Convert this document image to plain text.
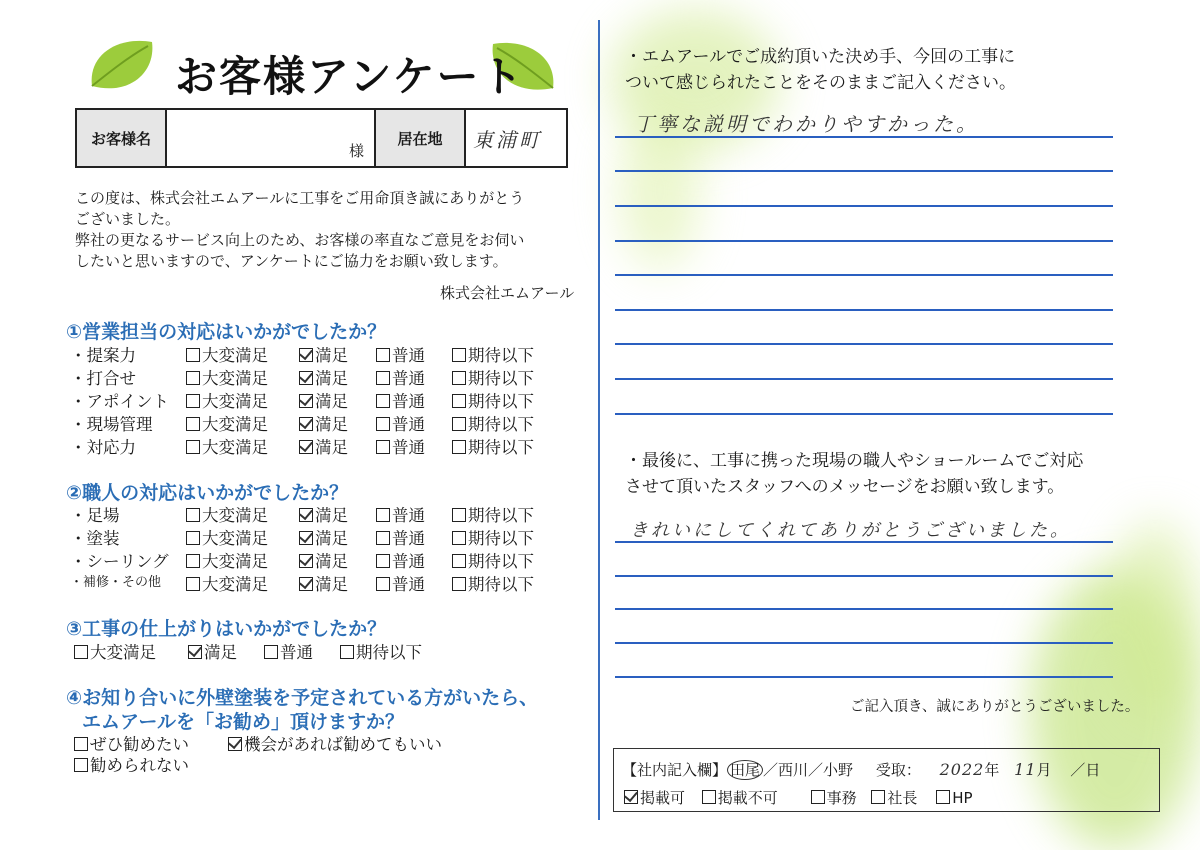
お客様アンケート
お客様名	様	居在地	東浦町
この度は、株式会社エムアールに工事をご用命頂き誠にありがとう
ございました。
弊社の更なるサービス向上のため、お客様の率直なご意見をお伺い
したいと思いますので、アンケートにご協力をお願い致します。
株式会社エムアール
①営業担当の対応はいかがでしたか？
・提案力	大変満足	満足	普通	期待以下
・打合せ	大変満足	満足	普通	期待以下
・アポイント	大変満足	満足	普通	期待以下
・現場管理	大変満足	満足	普通	期待以下
・対応力	大変満足	満足	普通	期待以下
②職人の対応はいかがでしたか？
・足場	大変満足	満足	普通	期待以下
・塗装	大変満足	満足	普通	期待以下
・シーリング	大変満足	満足	普通	期待以下
・補修・その他	大変満足	満足	普通	期待以下
③工事の仕上がりはいかがでしたか？
大変満足	満足	普通	期待以下
④お知り合いに外壁塗装を予定されている方がいたら、
エムアールを「お勧め」頂けますか？
ぜひ勧めたい	機会があれば勧めてもいい
勧められない
・エムアールでご成約頂いた決め手、今回の工事に
ついて感じられたことをそのままご記入ください。
丁寧な説明でわかりやすかった。
・最後に、工事に携った現場の職人やショールームでご対応
させて頂いたスタッフへのメッセージをお願い致します。
きれいにしてくれてありがとうございました。
ご記入頂き、誠にありがとうございました。
【社内記入欄】 田尾 ／西川／小野 受取： 2022年 11月 ／日
掲載可 掲載不可	事務 社長 HP
